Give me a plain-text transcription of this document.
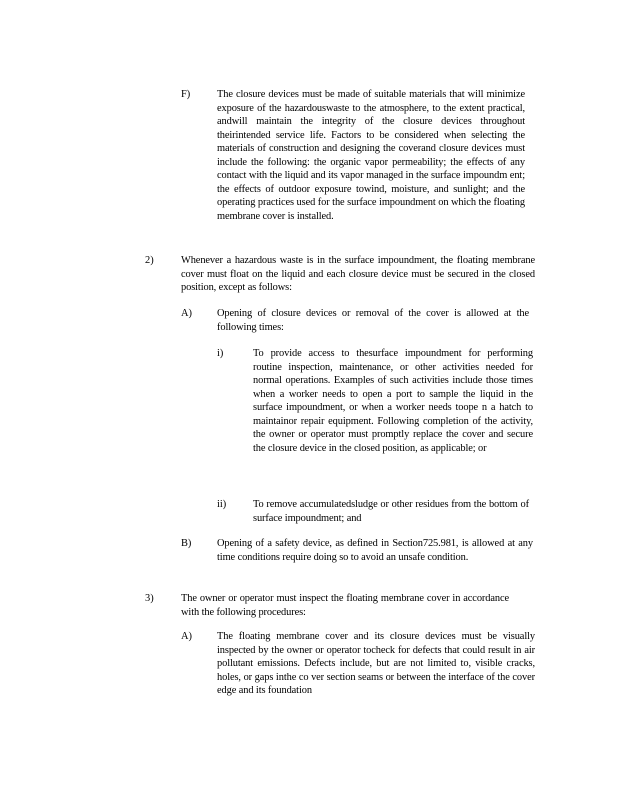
F)	The closure devices must be made of suitable materials that will minimize exposure of the hazardouswaste to the atmosphere, to the extent practical, andwill maintain the integrity of the closure devices throughout theirintended service life. Factors to be considered when selecting the materials of construction and designing the coverand closure devices must include the following: the organic vapor permeability; the effects of any contact with the liquid and its vapor managed in the surface impoundm ent; the effects of outdoor exposure towind, moisture, and sunlight; and the operating practices used for the surface impoundment on which the floating membrane cover is installed.
2)	Whenever a hazardous waste is in the surface impoundment, the floating membrane cover must float on the liquid and each closure device must be secured in the closed position, except as follows:
A) Opening of closure devices or removal of the cover is allowed at the following times:
i)	To provide access to thesurface impoundment for performing routine inspection, maintenance, or other activities needed for normal operations. Examples of such activities include those times when a worker needs to open a port to sample the liquid in the surface impoundment, or when a worker needs toope n a hatch to maintainor repair equipment. Following completion of the activity, the owner or operator must promptly replace the cover and secure the closure device in the closed position, as applicable; or
ii)	To remove accumulatedsludge or other residues from the bottom of surface impoundment; and
B) Opening of a safety device, as defined in Section725.981, is allowed at any time conditions require doing so to avoid an unsafe condition.
3)	The owner or operator must inspect the floating membrane cover in accordance with the following procedures:
A) The floating membrane cover and its closure devices must be visually inspected by the owner or operator tocheck for defects that could result in air pollutant emissions. Defects include, but are not limited to, visible cracks, holes, or gaps inthe co ver section seams or between the interface of the cover edge and its foundation
